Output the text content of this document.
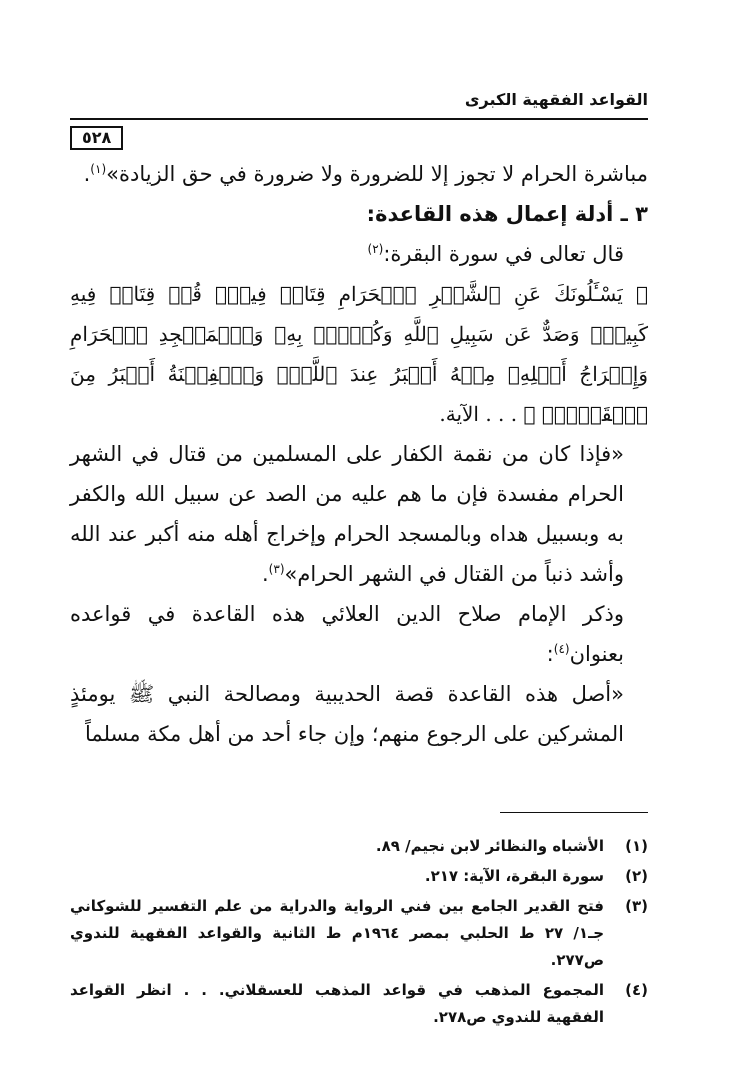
القواعد الفقهية الكبرى
٥٢٨

مباشرة الحرام لا تجوز إلا للضرورة ولا ضرورة في حق الزيادة»$^{(١)}$.

٣ ـ أدلة إعمال هذه القاعدة:

قال تعالى في سورة البقرة:$^{(٢)}$

﴿ يَسْـَٔلُونَكَ عَنِ ٱلشَّهۡرِ ٱلۡحَرَامِ قِتَالٖ فِيهِۖ قُلۡ قِتَالٞ فِيهِ كَبِيرٞۚ وَصَدٌّ عَن سَبِيلِ ٱللَّهِ وَكُفۡرُۢ بِهِۦ وَٱلۡمَسۡجِدِ ٱلۡحَرَامِ وَإِخۡرَاجُ أَهۡلِهِۦ مِنۡهُ أَكۡبَرُ عِندَ ٱللَّهِۚ وَٱلۡفِتۡنَةُ أَكۡبَرُ مِنَ ٱلۡقَتۡلِۗ ﴾ . . . الآية.

«فإذا كان من نقمة الكفار على المسلمين من قتال في الشهر الحرام مفسدة فإن ما هم عليه من الصد عن سبيل الله والكفر به وبسبيل هداه وبالمسجد الحرام وإخراج أهله منه أكبر عند الله وأشد ذنباً من القتال في الشهر الحرام»$^{(٣)}$.

وذكر الإمام صلاح الدين العلائي هذه القاعدة في قواعده بعنوان$^{(٤)}$:

«أصل هذه القاعدة قصة الحديبية ومصالحة النبي ﷺ يومئذٍ المشركين على الرجوع منهم؛ وإن جاء أحد من أهل مكة مسلماً

(١)
الأشباه والنظائر لابن نجيم/ ٨٩.
(٢)
سورة البقرة، الآية: ٢١٧.
(٣)
فتح القدير الجامع بين فني الرواية والدراية من علم التفسير للشوكاني جـ١/ ٢٧ ط الحلبي بمصر ١٩٦٤م ط الثانية والقواعد الفقهية للندوي ص٢٧٧.
(٤)
المجموع المذهب في قواعد المذهب للعسقلاني. . . انظر القواعد الفقهية للندوي ص٢٧٨.
